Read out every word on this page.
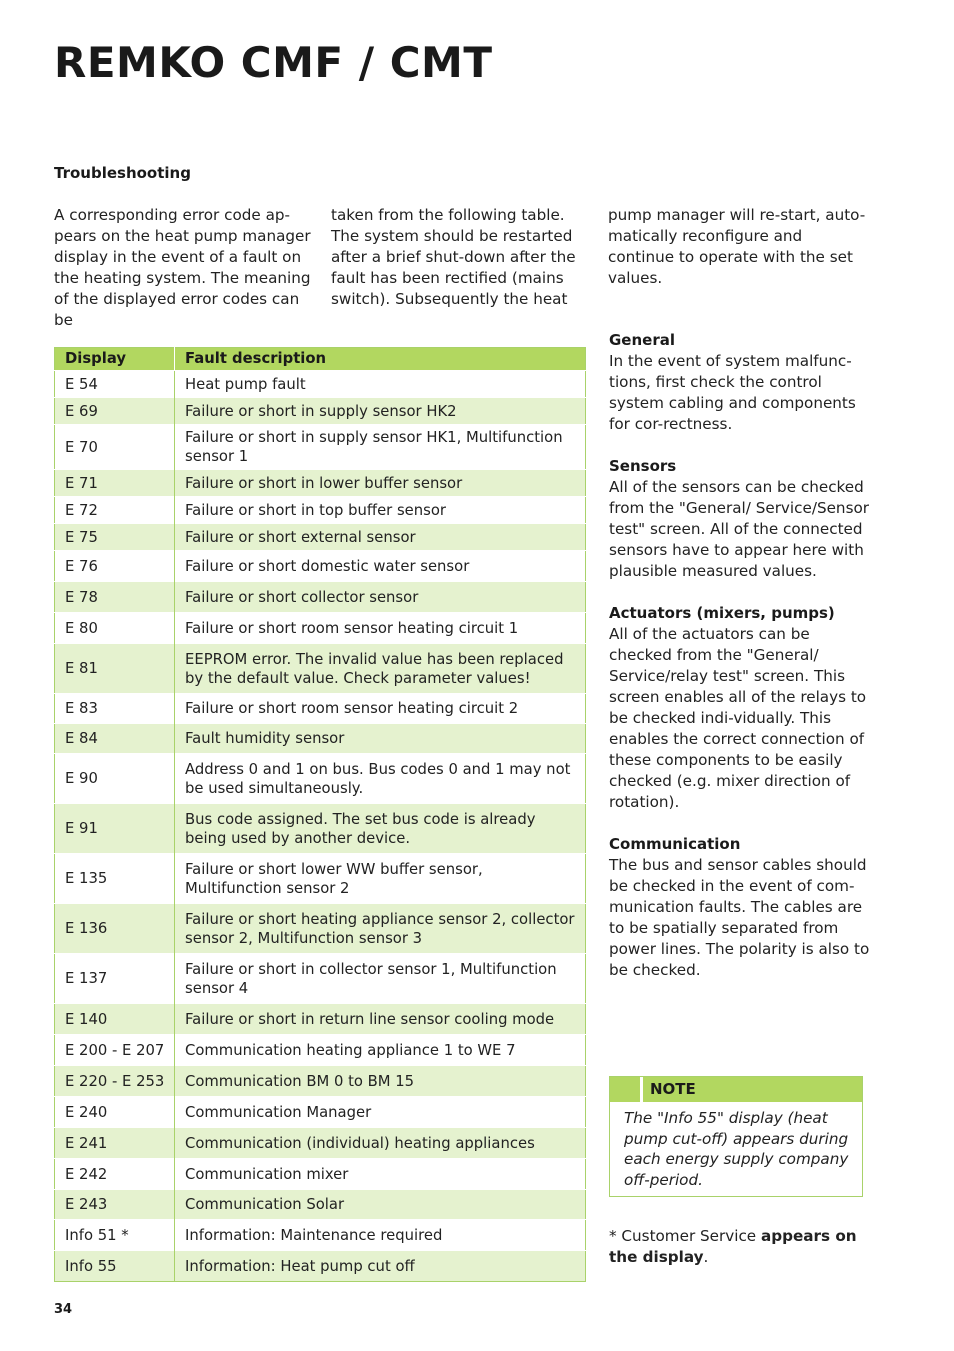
REMKO CMF / CMT
Troubleshooting
A corresponding error code ap-pears on the heat pump manager display in the event of a fault on the heating system. The meaning of the displayed error codes can be
taken from the following table. The system should be restarted after a brief shut-down after the fault has been rectified (mains switch). Subsequently the heat
pump manager will re-start, auto-matically reconfigure and continue to operate with the set values.
Display	Fault description
E 54	Heat pump fault
E 69	Failure or short in supply sensor HK2
E 70	Failure or short in supply sensor HK1, Multifunction sensor 1
E 71	Failure or short in lower buffer sensor
E 72	Failure or short in top buffer sensor
E 75	Failure or short external sensor
E 76	Failure or short domestic water sensor
E 78	Failure or short collector sensor
E 80	Failure or short room sensor heating circuit 1
E 81	EEPROM error. The invalid value has been replaced by the default value. Check parameter values!
E 83	Failure or short room sensor heating circuit 2
E 84	Fault humidity sensor
E 90	Address 0 and 1 on bus. Bus codes 0 and 1 may not be used simultaneously.
E 91	Bus code assigned. The set bus code is already being used by another device.
E 135	Failure or short lower WW buffer sensor, Multifunction sensor 2
E 136	Failure or short heating appliance sensor 2, collector sensor 2, Multifunction sensor 3
E 137	Failure or short in collector sensor 1, Multifunction sensor 4
E 140	Failure or short in return line sensor cooling mode
E 200 - E 207	Communication heating appliance 1 to WE 7
E 220 - E 253	Communication BM 0 to BM 15
E 240	Communication Manager
E 241	Communication (individual) heating appliances
E 242	Communication mixer
E 243	Communication Solar
Info 51 *	Information: Maintenance required
Info 55	Information: Heat pump cut off
General

In the event of system malfunc-tions, first check the control system cabling and components for cor-rectness.

Sensors

All of the sensors can be checked from the "General/ Service/Sensor test" screen. All of the connected sensors have to appear here with plausible measured values.

Actuators (mixers, pumps)

All of the actuators can be checked from the "General/ Service/relay test" screen. This screen enables all of the relays to be checked indi-vidually. This enables the correct connection of these components to be easily checked (e.g. mixer direction of rotation).

Communication

The bus and sensor cables should be checked in the event of com-munication faults. The cables are to be spatially separated from power lines. The polarity is also to be checked.

NOTE
The "Info 55" display (heat pump cut-off) appears during each energy supply company off-period.
* Customer Service appears on the display.
34
